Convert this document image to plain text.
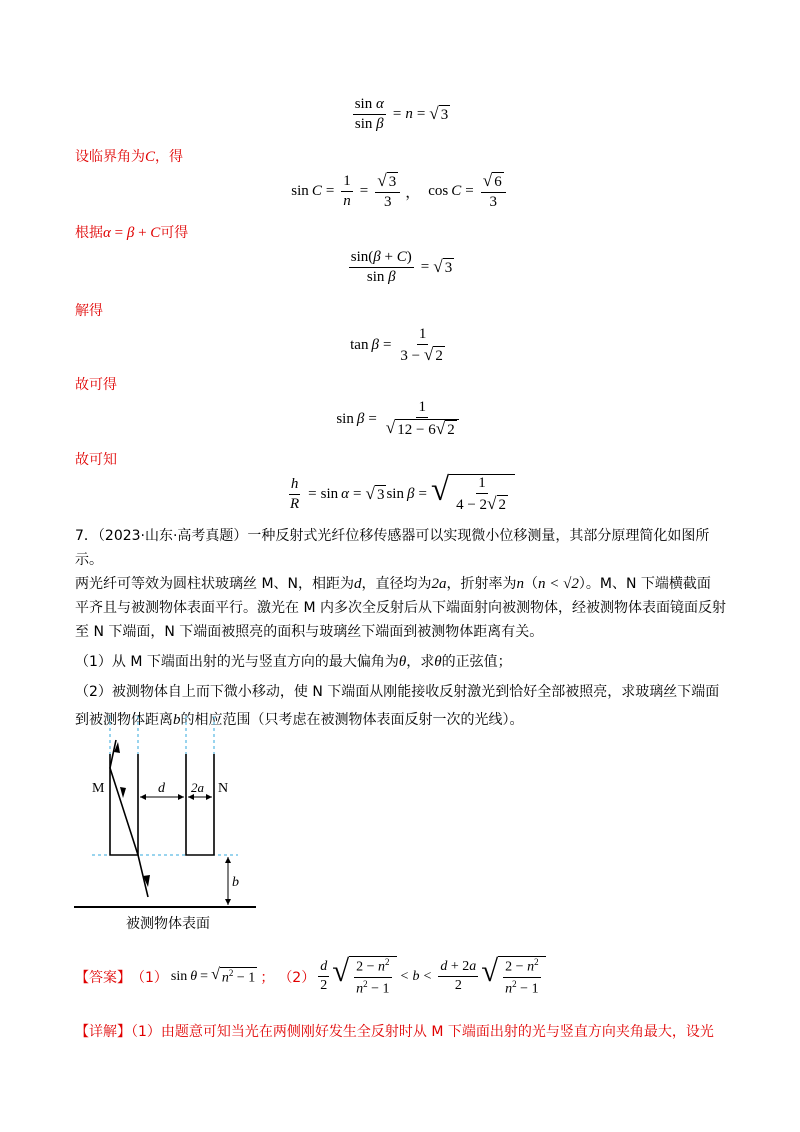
$\frac{\text{sin α}}{\text{sin β}} = n$ = √ 3
设临界角为C，得
$\sin C = \frac{1}{n} = \frac{√ 3}{3}$ ， $\cos C = \frac{√ 6}{3}$
根据α = β + C可得
$\frac{\sin(\beta + C)}{\text{sin β}}$ = √ 3
解得
$\tan \beta = \frac{1}{3 - √ 2}$
故可得
$\sin \beta = \frac{1}{√ 12 - 6 √ 2}$
故可知
$\frac{h}{R} = \sin \alpha$ = √ 3 sin β = √ $\frac{1}{4 - 2 √ 2}$
7．（2023·山东·高考真题）一种反射式光纤位移传感器可以实现微小位移测量，其部分原理简化如图所示。
两光纤可等效为圆柱状玻璃丝 M、N，相距为d，直径均为2a，折射率为n（n < √2）。M、N 下端横截面
平齐且与被测物体表面平行。激光在 M 内多次全反射后从下端面射向被测物体，经被测物体表面镜面反射
至 N 下端面，N 下端面被照亮的面积与玻璃丝下端面到被测物体距离有关。
（1）从 M 下端面出射的光与竖直方向的最大偏角为θ，求θ的正弦值；
（2）被测物体自上而下微小移动，使 N 下端面从刚能接收反射激光到恰好全部被照亮，求玻璃丝下端面
到被测物体距离b的相应范围（只考虑在被测物体表面反射一次的光线）。
M	N
d 2a
b
被测物体表面
【答案】 （1） sin θ = √ $n^2 - 1$ ； $(2) \frac{d}{2}$ √ $\frac{2 - n^2}{n^2 - 1} < b < \frac{d + 2a}{2}$ √ $\frac{2 - n^2}{n^2 - 1}$
【详解】（1）由题意可知当光在两侧刚好发生全反射时从 M 下端面出射的光与竖直方向夹角最大，设光
